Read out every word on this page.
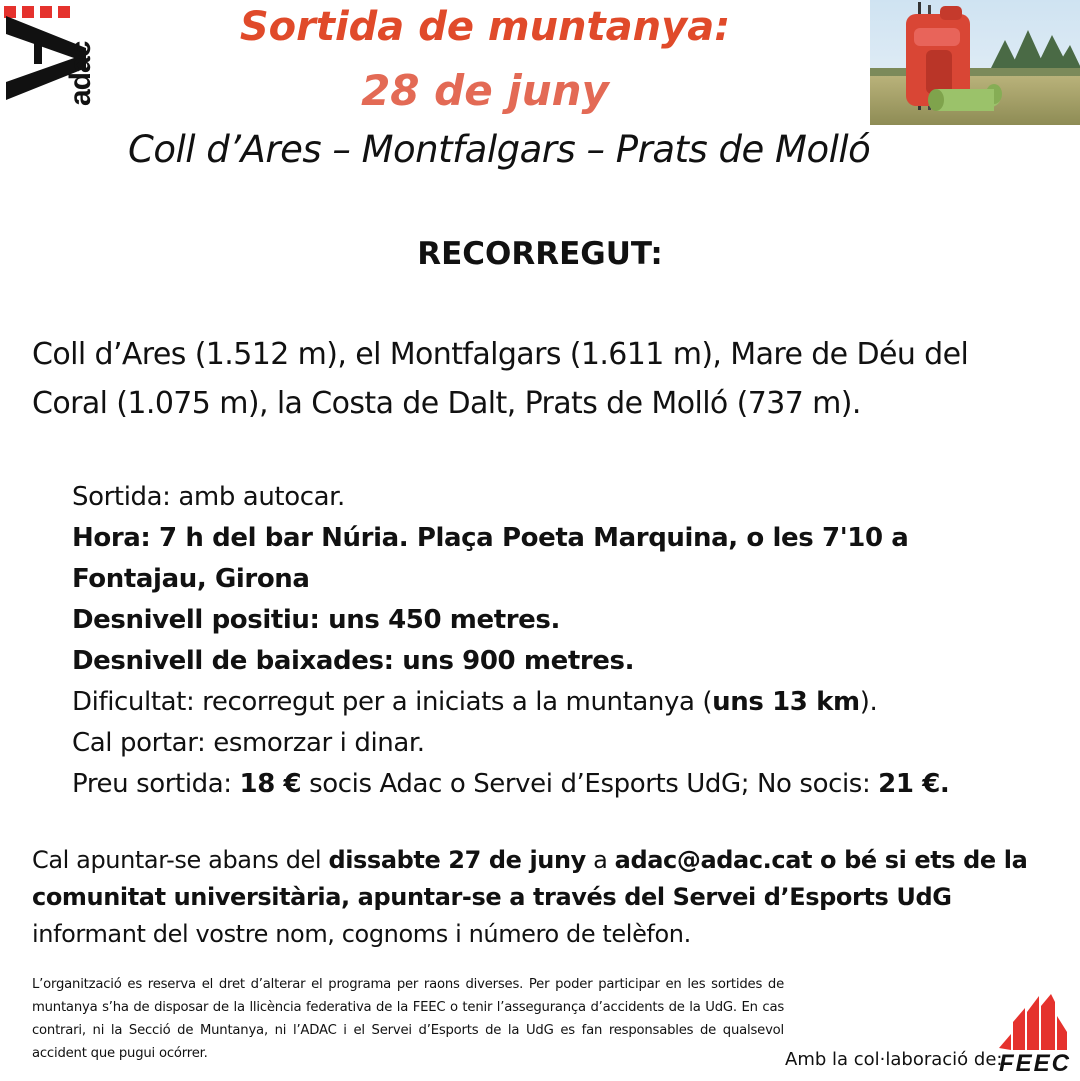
adac
Sortida de muntanya:
28 de juny
Coll d’Ares – Montfalgars – Prats de Molló
RECORREGUT:
Coll d’Ares (1.512 m), el Montfalgars (1.611 m), Mare de Déu del Coral (1.075 m), la Costa de Dalt, Prats de Molló (737 m).

Sortida: amb autocar.

Hora: 7 h del bar Núria. Plaça Poeta Marquina, o les 7'10 a Fontajau, Girona

Desnivell positiu: uns 450 metres.

Desnivell de baixades: uns 900 metres.

Dificultat: recorregut per a iniciats a la muntanya (uns 13 km).

Cal portar: esmorzar i dinar.

Preu sortida: 18 € socis Adac o Servei d’Esports UdG; No socis: 21 €.

Cal apuntar-se abans del dissabte 27 de juny a adac@adac.cat o bé si ets de la comunitat universitària, apuntar-se a través del Servei d’Esports UdG informant del vostre nom, cognoms i número de telèfon.
L’organització es reserva el dret d’alterar el programa per raons diverses. Per poder participar en les sortides de muntanya s’ha de disposar de la llicència federativa de la FEEC o tenir l’assegurança d’accidents de la UdG. En cas contrari, ni la Secció de Muntanya, ni l’ADAC i el Servei d’Esports de la UdG es fan responsables de qualsevol accident que pugui ocórrer.	Amb la col·laboració de:
FEEC
